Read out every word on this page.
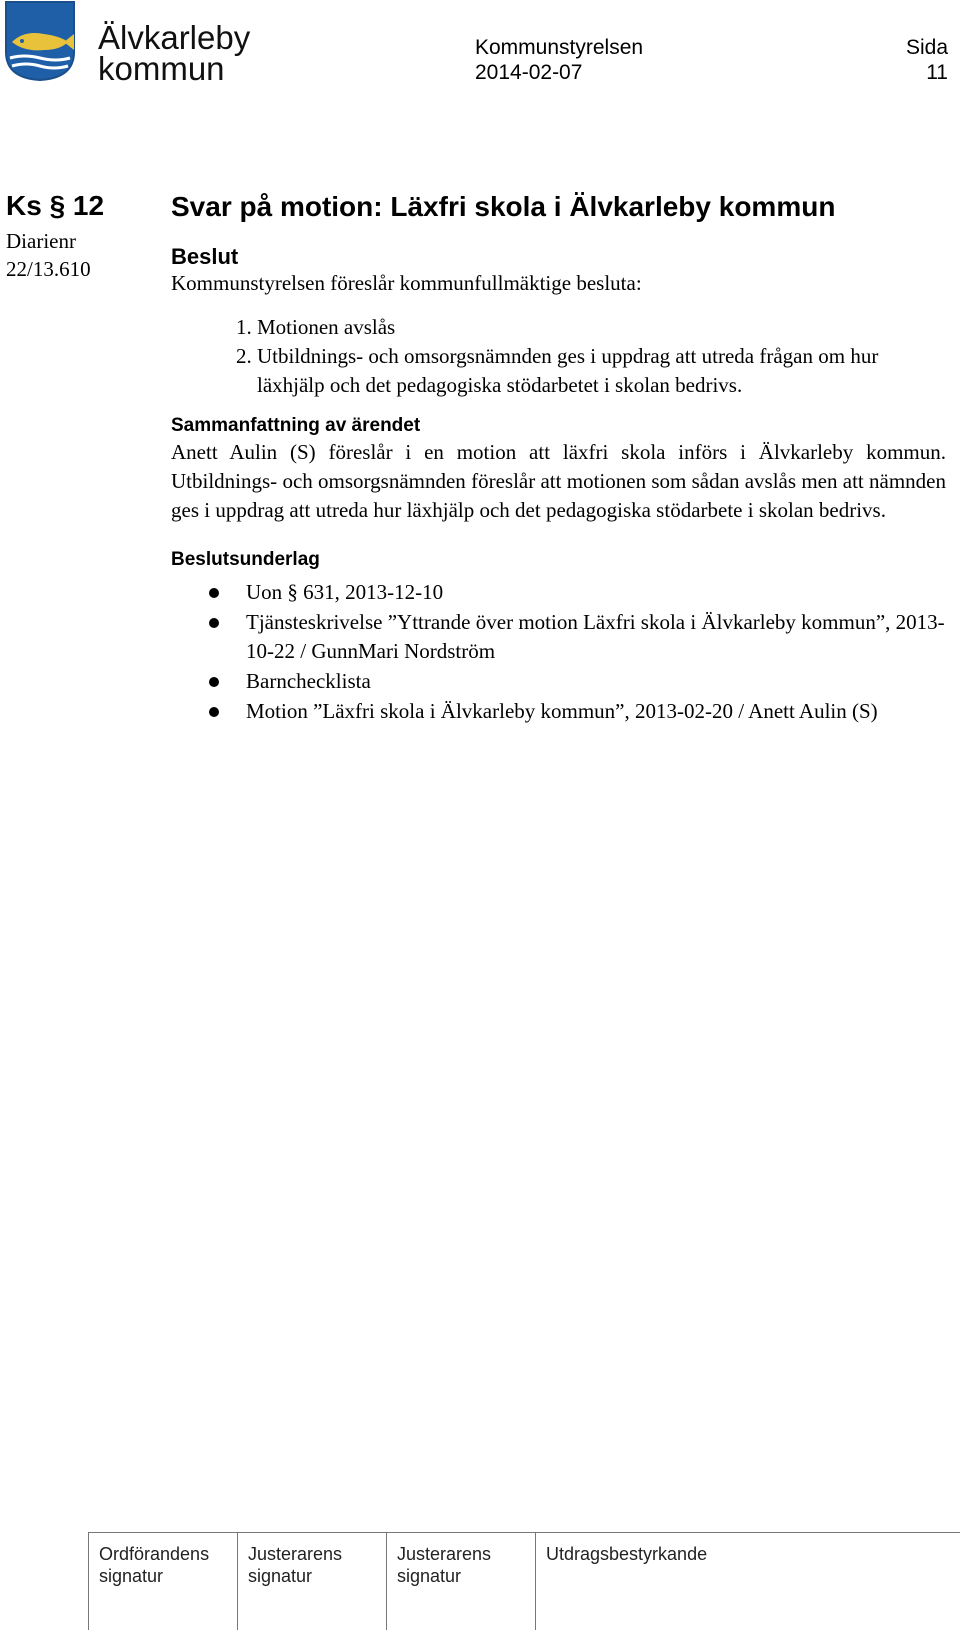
Älvkarleby
kommun
Kommunstyrelsen
2014-02-07
Sida
11
Ks § 12
Diarienr
22/13.610
Svar på motion: Läxfri skola i Älvkarleby kommun
Beslut

Kommunstyrelsen föreslår kommunfullmäktige besluta:

1. Motionen avslås
2. Utbildnings- och omsorgsnämnden ges i uppdrag att utreda frågan om hur läxhjälp och det pedagogiska stödarbetet i skolan bedrivs.
Sammanfattning av ärendet

Anett Aulin (S) föreslår i en motion att läxfri skola införs i Älvkarleby kommun. Utbildnings- och omsorgsnämnden föreslår att motionen som sådan avslås men att nämnden ges i uppdrag att utreda hur läxhjälp och det pedagogiska stödarbete i skolan bedrivs.

Beslutsunderlag
Uon § 631, 2013-12-10
Tjänsteskrivelse ”Yttrande över motion Läxfri skola i Älvkarleby kommun”, 2013-10-22 / GunnMari Nordström
Barnchecklista
Motion ”Läxfri skola i Älvkarleby kommun”, 2013-02-20 / Anett Aulin (S)
Ordförandens
signatur
Justerarens
signatur
Justerarens
signatur
Utdragsbestyrkande
